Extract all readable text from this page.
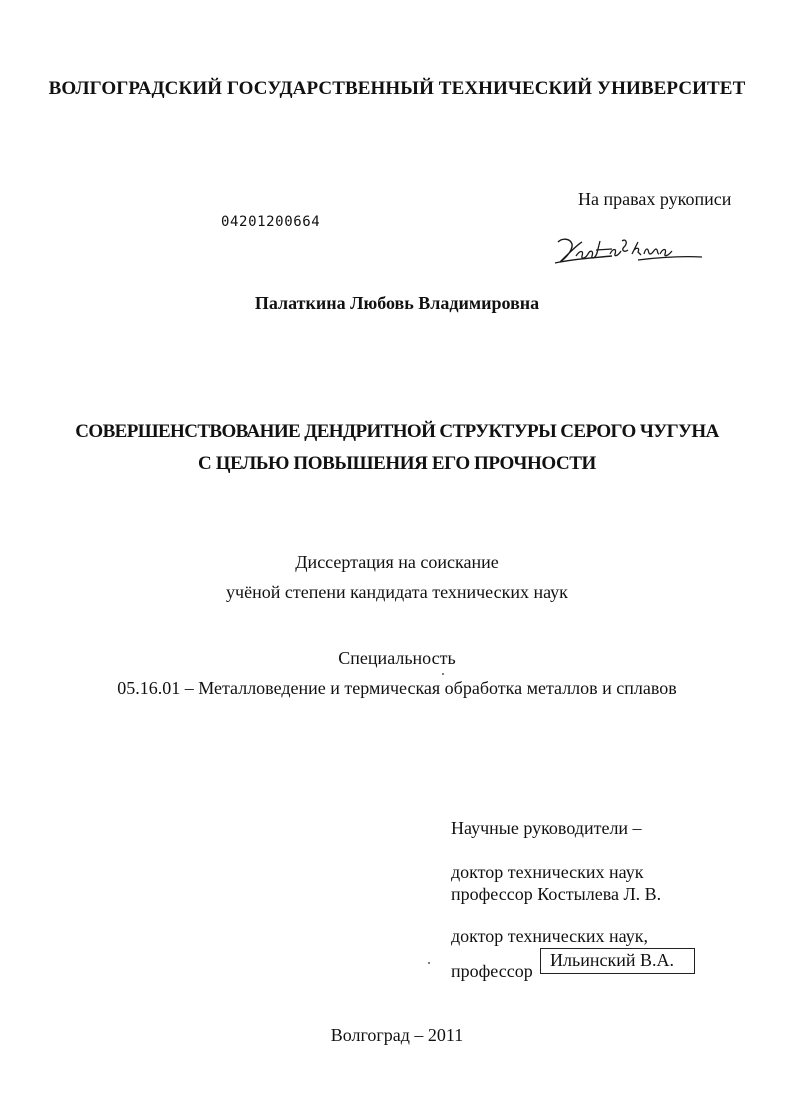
ВОЛГОГРАДСКИЙ ГОСУДАРСТВЕННЫЙ ТЕХНИЧЕСКИЙ УНИВЕРСИТЕТ
На правах рукописи
04201200664
Палаткина Любовь Владимировна
СОВЕРШЕНСТВОВАНИЕ ДЕНДРИТНОЙ СТРУКТУРЫ СЕРОГО ЧУГУНА
С ЦЕЛЬЮ ПОВЫШЕНИЯ ЕГО ПРОЧНОСТИ
Диссертация на соискание
учёной степени кандидата технических наук
Специальность
05.16.01 – Металловедение и термическая обработка металлов и сплавов
Научные руководители –
доктор технических наук
профессор Костылева Л. В.
доктор технических наук,
профессор
Ильинский В.А.
Волгоград – 2011
